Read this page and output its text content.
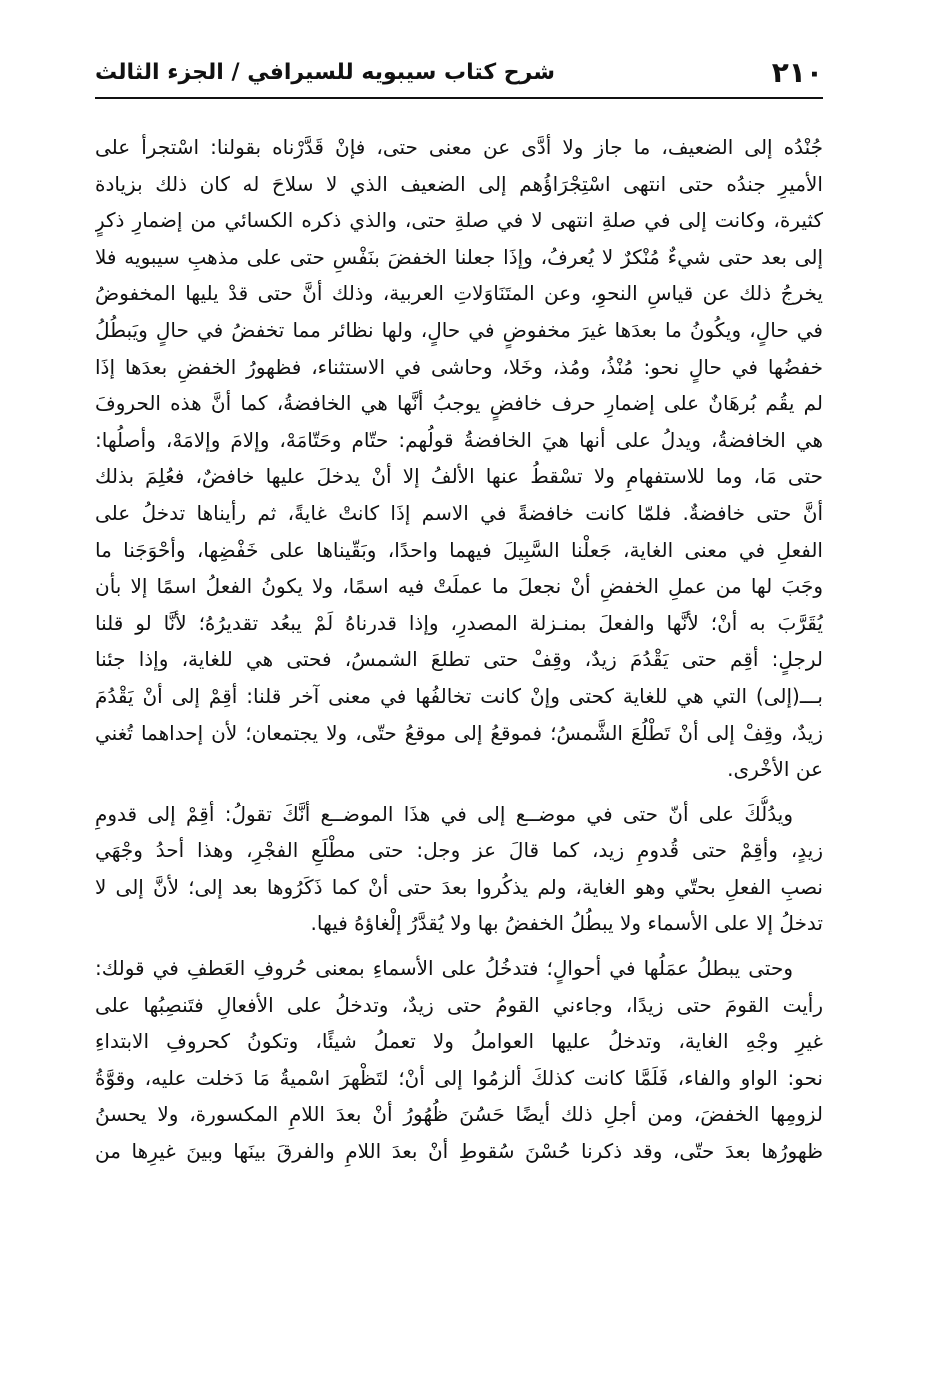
٢١٠
شرح كتاب سيبويه للسيرافي / الجزء الثالث
جُنْدُه إلى الضعيف، ما جاز ولا أدَّى عن معنى حتى، فإنْ قَدَّرْناه بقولنا: اسْتجرأ على
الأميرِ جندُه حتى انتهى اسْتِجْرَاؤُهم إلى الضعيف الذي لا سلاحَ له كان ذلك بزيادة
كثيرة، وكانت إلى في صلةِ انتهى لا في صلةِ حتى، والذي ذكره الكسائي من إضمارِ ذكرٍ
إلى بعد حتى شيءٌ مُنْكرٌ لا يُعرفُ، وإذَا جعلنا الخفضَ بنَفْسِ حتى على مذهبِ سيبويه فلا
يخرجُ ذلك عن قياسِ النحوِ، وعن المتَنَاوَلاتِ العربية، وذلك أنَّ حتى قدْ يليها المخفوضُ
في حالٍ، ويكُونُ ما بعدَها غيرَ مخفوضٍ في حالٍ، ولها نظائر مما تخفضُ في حالٍ ويَبطُلُ
خفضُها في حالٍ نحو: مُنْذُ، ومُذ، وخَلا، وحاشى في الاستثناء، فظهورُ الخفضِ بعدَها إذَا
لم يقُم بُرهَانٌ على إضمارِ حرف خافضٍ يوجبُ أنَّها هي الخافضةُ، كما أنَّ هذه الحروفَ
هي الخافضةُ، ويدلُ على أنها هيَ الخافضةُ قولُهم: حتّام وحَتّامَهْ، وإلامَ وإلامَهْ، وأصلُها:
حتى مَا، وما للاستفهامِ ولا تسْقطُ عنها الألفُ إلا أنْ يدخلَ عليها خافضٌ، فعُلِمَ بذلك
أنَّ حتى خافضةٌ. فلمّا كانت خافضةً في الاسم إذَا كانتْ غايةً، ثم رأيناها تدخلُ على
الفعلِ في معنى الغاية، جَعلْنا السَّبِيلَ فيهما واحدًا، وبَقّيناها على خَفْضِها، وأحْوَجَنا ما
وجَبَ لها من عملِ الخفضِ أنْ نجعلَ ما عملَتْ فيه اسمًا، ولا يكونُ الفعلُ اسمًا إلا بأن
يُقَرَّبَ به أنْ؛ لأنَّها والفعلَ بمنـزلة المصدرِ، وإذا قدرناهُ لَمْ يبعُد تقديرُهُ؛ لأنَّا لو قلنا
لرجلٍ: أقِم حتى يَقْدُمَ زيدٌ، وقِفْ حتى تطلعَ الشمسُ، فحتى هي للغاية، وإذا جئنا
بـــ(إلى) التي هي للغاية كحتى وإنْ كانت تخالفُها في معنى آخر قلنا: أقِمْ إلى أنْ يَقْدُمَ
زيدٌ، وقِفْ إلى أنْ تَطْلُعَ الشَّمسُ؛ فموقعُ إلى موقعُ حتّى، ولا يجتمعان؛ لأن إحداهما تُغني
عن الأخْرى.
ويدُلُّكَ على أنّ حتى في موضــع إلى في هذَا الموضــع أنَّكَ تقولُ: أقِمْ إلى قدومِ
زيدٍ، وأقِمْ حتى قُدومِ زيد، كما قالَ عز وجل: حتى مطْلَعِ الفجْرِ، وهذا أحدُ وجْهَي
نصبِ الفعلِ بحتّي وهو الغاية، ولم يذكُروا بعدَ حتى أنْ كما ذَكَرُوها بعد إلى؛ لأنَّ إلى لا
تدخلُ إلا على الأسماء ولا يبطُلُ الخفضُ بها ولا يُقدَّرُ إلْغاؤهُ فيها.
وحتى يبطلُ عمَلُها في أحوالٍ؛ فتدخُلُ على الأسماءِ بمعنى حُروفِ العَطفِ في قولك:
رأيت القومَ حتى زيدًا، وجاءني القومُ حتى زيدٌ، وتدخلُ على الأفعالِ فتَنصِبُها على
غيرِ وجْهِ الغاية، وتدخلُ عليها العواملُ ولا تعملُ شيئًا، وتكونُ كحروفِ الابتداءِ
نحو: الواو والفاء، فَلَمَّا كانت كذلكَ ألزمُوا إلى أنْ؛ لتَظْهرَ اسْميةُ مَا دَخلت عليه، وقوَّةُ
لزومِها الخفضَ، ومن أجلِ ذلك أيضًا حَسُنَ ظُهُورُ أنْ بعدَ اللامِ المكسورة، ولا يحسنُ
ظهورُها بعدَ حتّى، وقد ذكرنا حُسْنَ سُقوطِ أنْ بعدَ اللامِ والفرقَ بينَها وبينَ غيرِها من
